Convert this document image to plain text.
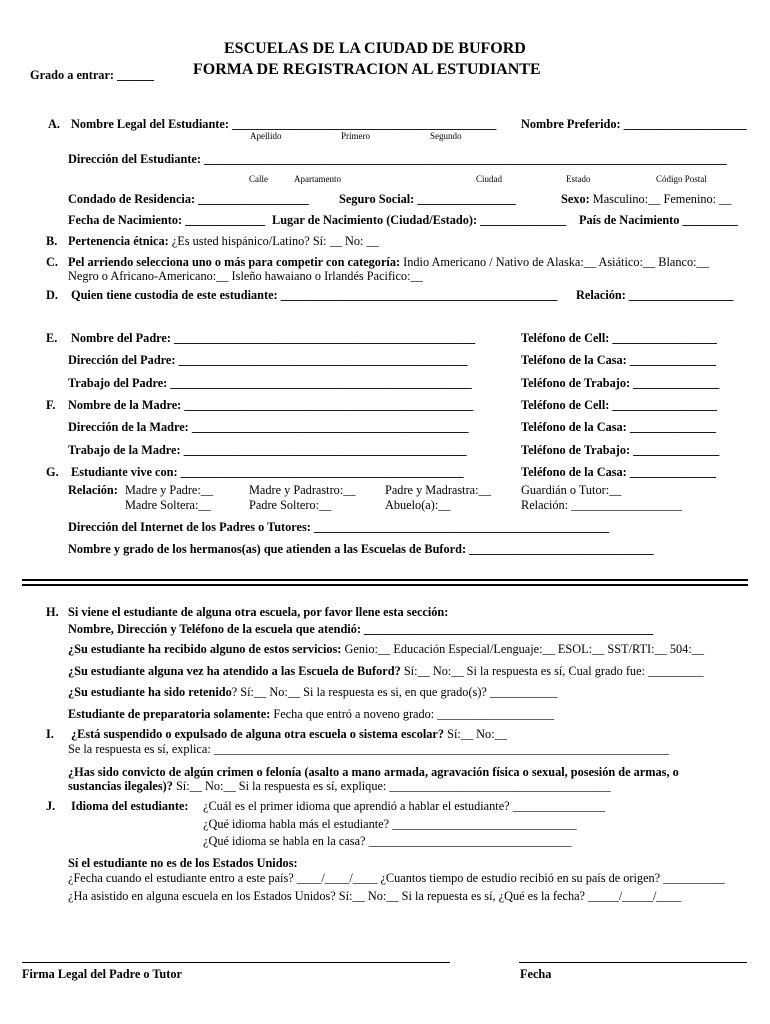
ESCUELAS DE LA CIUDAD DE BUFORD
FORMA DE REGISTRACION AL ESTUDIANTE
Grado a entrar: ______
A. Nombre Legal del Estudiante: ___________________________________________ Nombre Preferido: ____________________
Apellido	Primero	Segundo
Dirección del Estudiante: _____________________________________________________________________________________
Calle	Apartamento	Ciudad	Estado	Código Postal
Condado de Residencia: __________________ Seguro Social: ________________	Sexo: Masculino:__ Femenino: __
Fecha de Nacimiento: _____________ Lugar de Nacimiento (Ciudad/Estado): ______________ País de Nacimiento _________
B. Pertenencia étnica: ¿Es usted hispánico/Latino? Sí: __ No: __
C. Pel arriendo selecciona uno o más para competir con categoría: Indio Americano / Nativo de Alaska:__ Asiático:__ Blanco:__
Negro o Africano-Americano:__ Isleño hawaiano o Irlandés Pacifico:__
D. Quien tiene custodia de este estudiante: _____________________________________________ Relación: _________________
E. Nombre del Padre: _________________________________________________	Teléfono de Cell: _________________
Dirección del Padre: _______________________________________________	Teléfono de la Casa: ______________
Trabajo del Padre: _________________________________________________	Teléfono de Trabajo: ______________
F. Nombre de la Madre: _______________________________________________	Teléfono de Cell: _________________
Dirección de la Madre: _____________________________________________	Teléfono de la Casa: ______________
Trabajo de la Madre: ______________________________________________	Teléfono de Trabajo: ______________
G. Estudiante vive con: ______________________________________________	Teléfono de la Casa: ______________
Relación: Madre y Padre:__	Madre y Padrastro:__ Padre y Madrastra:__ Guardián o Tutor:__
Madre Soltera:__	Padre Soltero:__	Abuelo(a):__	Relación: __________________
Dirección del Internet de los Padres o Tutores: ________________________________________________
Nombre y grado de los hermanos(as) que atienden a las Escuelas de Buford: ______________________________
H. Si viene el estudiante de alguna otra escuela, por favor llene esta sección:
Nombre, Dirección y Teléfono de la escuela que atendió: _______________________________________________
¿Su estudiante ha recibido alguno de estos servicios: Genio:__ Educación Especial/Lenguaje:__ ESOL:__ SST/RTI:__ 504:__
¿Su estudiante alguna vez ha atendido a las Escuela de Buford? Sí:__ No:__ Si la respuesta es sí, Cual grado fue: _________
¿Su estudiante ha sido retenido? Sí:__ No:__ Si la respuesta es si, en que grado(s)? ___________
Estudiante de preparatoria solamente: Fecha que entró a noveno grado: ___________________
I. ¿Está suspendido o expulsado de alguna otra escuela o sistema escolar? Sí:__ No:__
Se la respuesta es sí, explica: __________________________________________________________________________
¿Has sido convicto de algún crimen o felonía (asalto a mano armada, agravación física o sexual, posesión de armas, o
sustancias ilegales)? Sí:__ No:__ Si la respuesta es sí, explique: ____________________________________
J. Idioma del estudiante: ¿Cuál es el primer idioma que aprendió a hablar el estudiante? _______________
¿Qué idioma habla más el estudiante? ______________________________
¿Qué idioma se habla en la casa? _________________________________
Sí el estudiante no es de los Estados Unidos:
¿Fecha cuando el estudiante entro a este país? ____/____/____ ¿Cuantos tiempo de estudio recibió en su país de origen? __________
¿Ha asistido en alguna escuela en los Estados Unidos? Sí:__ No:__ Si la repuesta es sí, ¿Qué es la fecha? _____/_____/____
Firma Legal del Padre o Tutor	Fecha
